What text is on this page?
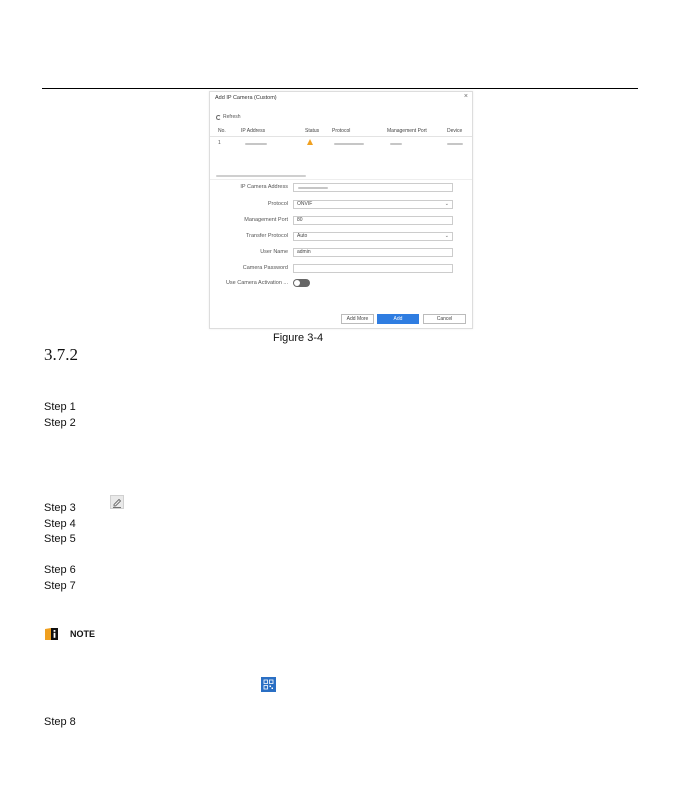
Add IP Camera (Custom)	×
Refresh
No.	IP Address	Status	Protocol	Management Port	Device
1
IP Camera Address
Protocol	ONVIF	⌄
Management Port	80
Transfer Protocol	Auto	⌄
User Name	admin
Camera Password
Use Camera Activation ...
Add More	Add	Cancel
Figure 3-4
3.7.2
Step 1
Step 2
Step 3
Step 4
Step 5
Step 6
Step 7
NOTE
Step 8
